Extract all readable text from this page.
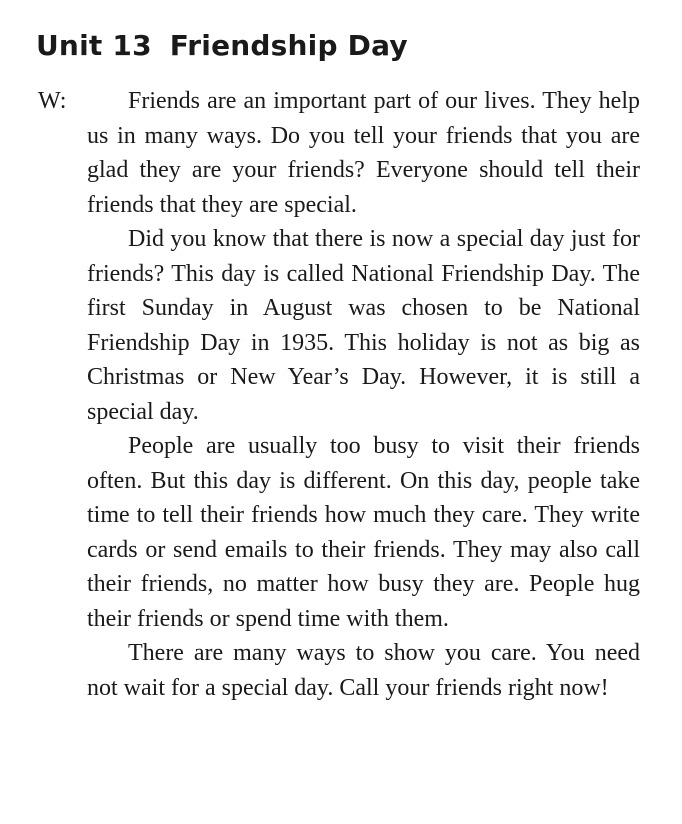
Unit 13 Friendship Day
W:	Friends are an important part of our lives. They help us in many ways. Do you tell your friends that you are glad they are your friends? Everyone should tell their friends that they are special.

Did you know that there is now a special day just for friends? This day is called National Friendship Day. The first Sunday in August was chosen to be National Friendship Day in 1935. This holiday is not as big as Christmas or New Year’s Day. However, it is still a special day.

People are usually too busy to visit their friends often. But this day is different. On this day, people take time to tell their friends how much they care. They write cards or send emails to their friends. They may also call their friends, no matter how busy they are. People hug their friends or spend time with them.

There are many ways to show you care. You need not wait for a special day. Call your friends right now!
